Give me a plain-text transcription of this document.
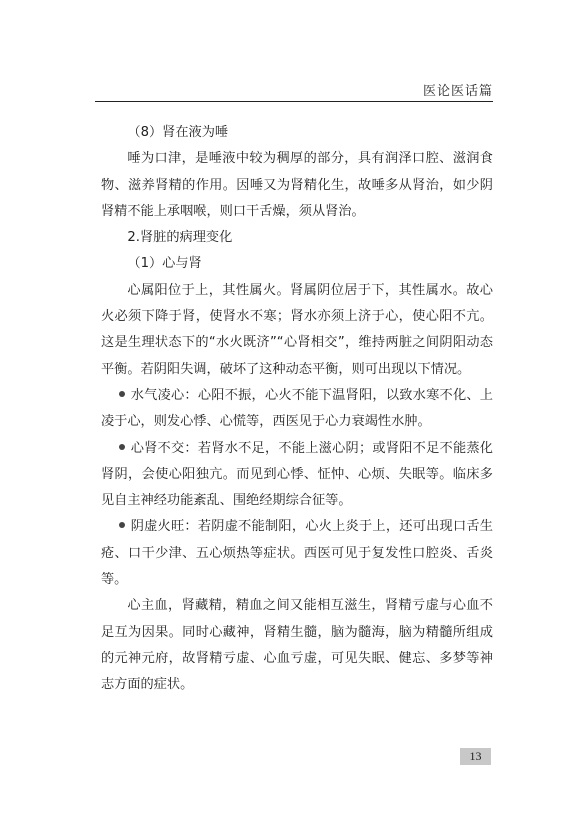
医论医话篇

（8）肾在液为唾

唾为口津，是唾液中较为稠厚的部分，具有润泽口腔、滋润食物、滋养肾精的作用。因唾又为肾精化生，故唾多从肾治，如少阴肾精不能上承咽喉，则口干舌燥，须从肾治。

2.肾脏的病理变化

（1）心与肾

心属阳位于上，其性属火。肾属阴位居于下，其性属水。故心火必须下降于肾，使肾水不寒；肾水亦须上济于心，使心阳不亢。这是生理状态下的“水火既济”“心肾相交”，维持两脏之间阴阳动态平衡。若阴阳失调，破坏了这种动态平衡，则可出现以下情况。

水气凌心：心阳不振，心火不能下温肾阳，以致水寒不化、上凌于心，则发心悸、心慌等，西医见于心力衰竭性水肿。

心肾不交：若肾水不足，不能上滋心阴；或肾阳不足不能蒸化肾阴，会使心阳独亢。而见到心悸、怔忡、心烦、失眠等。临床多见自主神经功能紊乱、围绝经期综合征等。

阴虚火旺：若阴虚不能制阳，心火上炎于上，还可出现口舌生疮、口干少津、五心烦热等症状。西医可见于复发性口腔炎、舌炎等。

心主血，肾藏精，精血之间又能相互滋生，肾精亏虚与心血不足互为因果。同时心藏神，肾精生髓，脑为髓海，脑为精髓所组成的元神元府，故肾精亏虚、心血亏虚，可见失眠、健忘、多梦等神志方面的症状。

13
